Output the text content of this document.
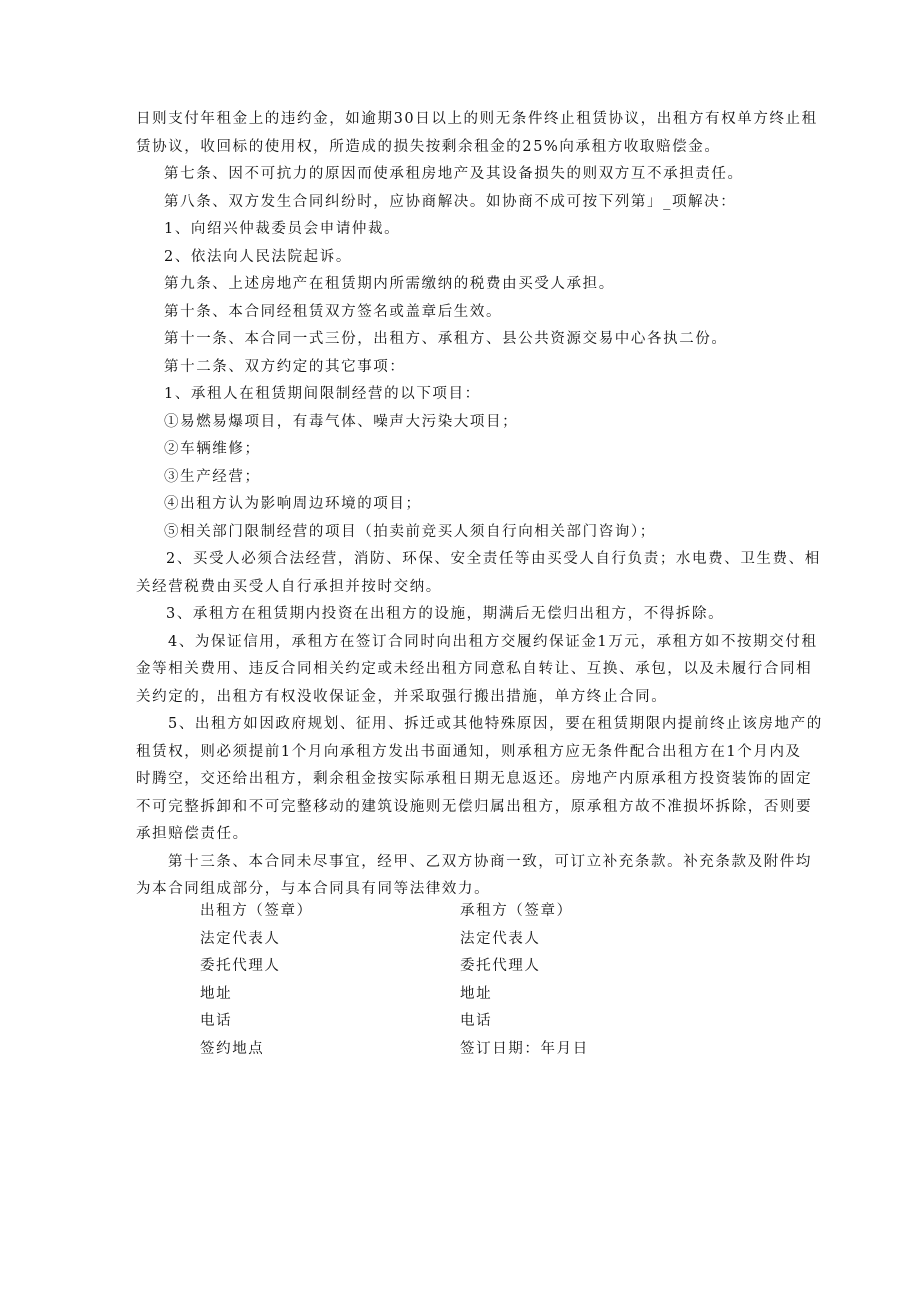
日则支付年租金上的违约金，如逾期30日以上的则无条件终止租赁协议，出租方有权单方终止租

赁协议，收回标的使用权，所造成的损失按剩余租金的25%向承租方收取赔偿金。

第七条、因不可抗力的原因而使承租房地产及其设备损失的则双方互不承担责任。

第八条、双方发生合同纠纷时，应协商解决。如协商不成可按下列第」_项解决：

1、向绍兴仲裁委员会申请仲裁。

2、依法向人民法院起诉。

第九条、上述房地产在租赁期内所需缴纳的税费由买受人承担。

第十条、本合同经租赁双方签名或盖章后生效。

第十一条、本合同一式三份，出租方、承租方、县公共资源交易中心各执二份。

第十二条、双方约定的其它事项：

1、承租人在租赁期间限制经营的以下项目：

①易燃易爆项目，有毒气体、噪声大污染大项目；

②车辆维修；

③生产经营；

④出租方认为影响周边环境的项目；

⑤相关部门限制经营的项目（拍卖前竞买人须自行向相关部门咨询）；

2、买受人必须合法经营，消防、环保、安全责任等由买受人自行负责；水电费、卫生费、相

关经营税费由买受人自行承担并按时交纳。

3、承租方在租赁期内投资在出租方的设施，期满后无偿归出租方，不得拆除。

4、为保证信用，承租方在签订合同时向出租方交履约保证金1万元，承租方如不按期交付租

金等相关费用、违反合同相关约定或未经出租方同意私自转让、互换、承包，以及未履行合同相

关约定的，出租方有权没收保证金，并采取强行搬出措施，单方终止合同。

5、出租方如因政府规划、征用、拆迁或其他特殊原因，要在租赁期限内提前终止该房地产的

租赁权，则必须提前1个月向承租方发出书面通知，则承租方应无条件配合出租方在1个月内及

时腾空，交还给出租方，剩余租金按实际承租日期无息返还。房地产内原承租方投资装饰的固定

不可完整拆卸和不可完整移动的建筑设施则无偿归属出租方，原承租方故不准损坏拆除，否则要

承担赔偿责任。

第十三条、本合同未尽事宜，经甲、乙双方协商一致，可订立补充条款。补充条款及附件均

为本合同组成部分，与本合同具有同等法律效力。

出租方（签章）	承租方（签章）
法定代表人	法定代表人
委托代理人	委托代理人
地址	地址
电话	电话
签约地点	签订日期：年月日
